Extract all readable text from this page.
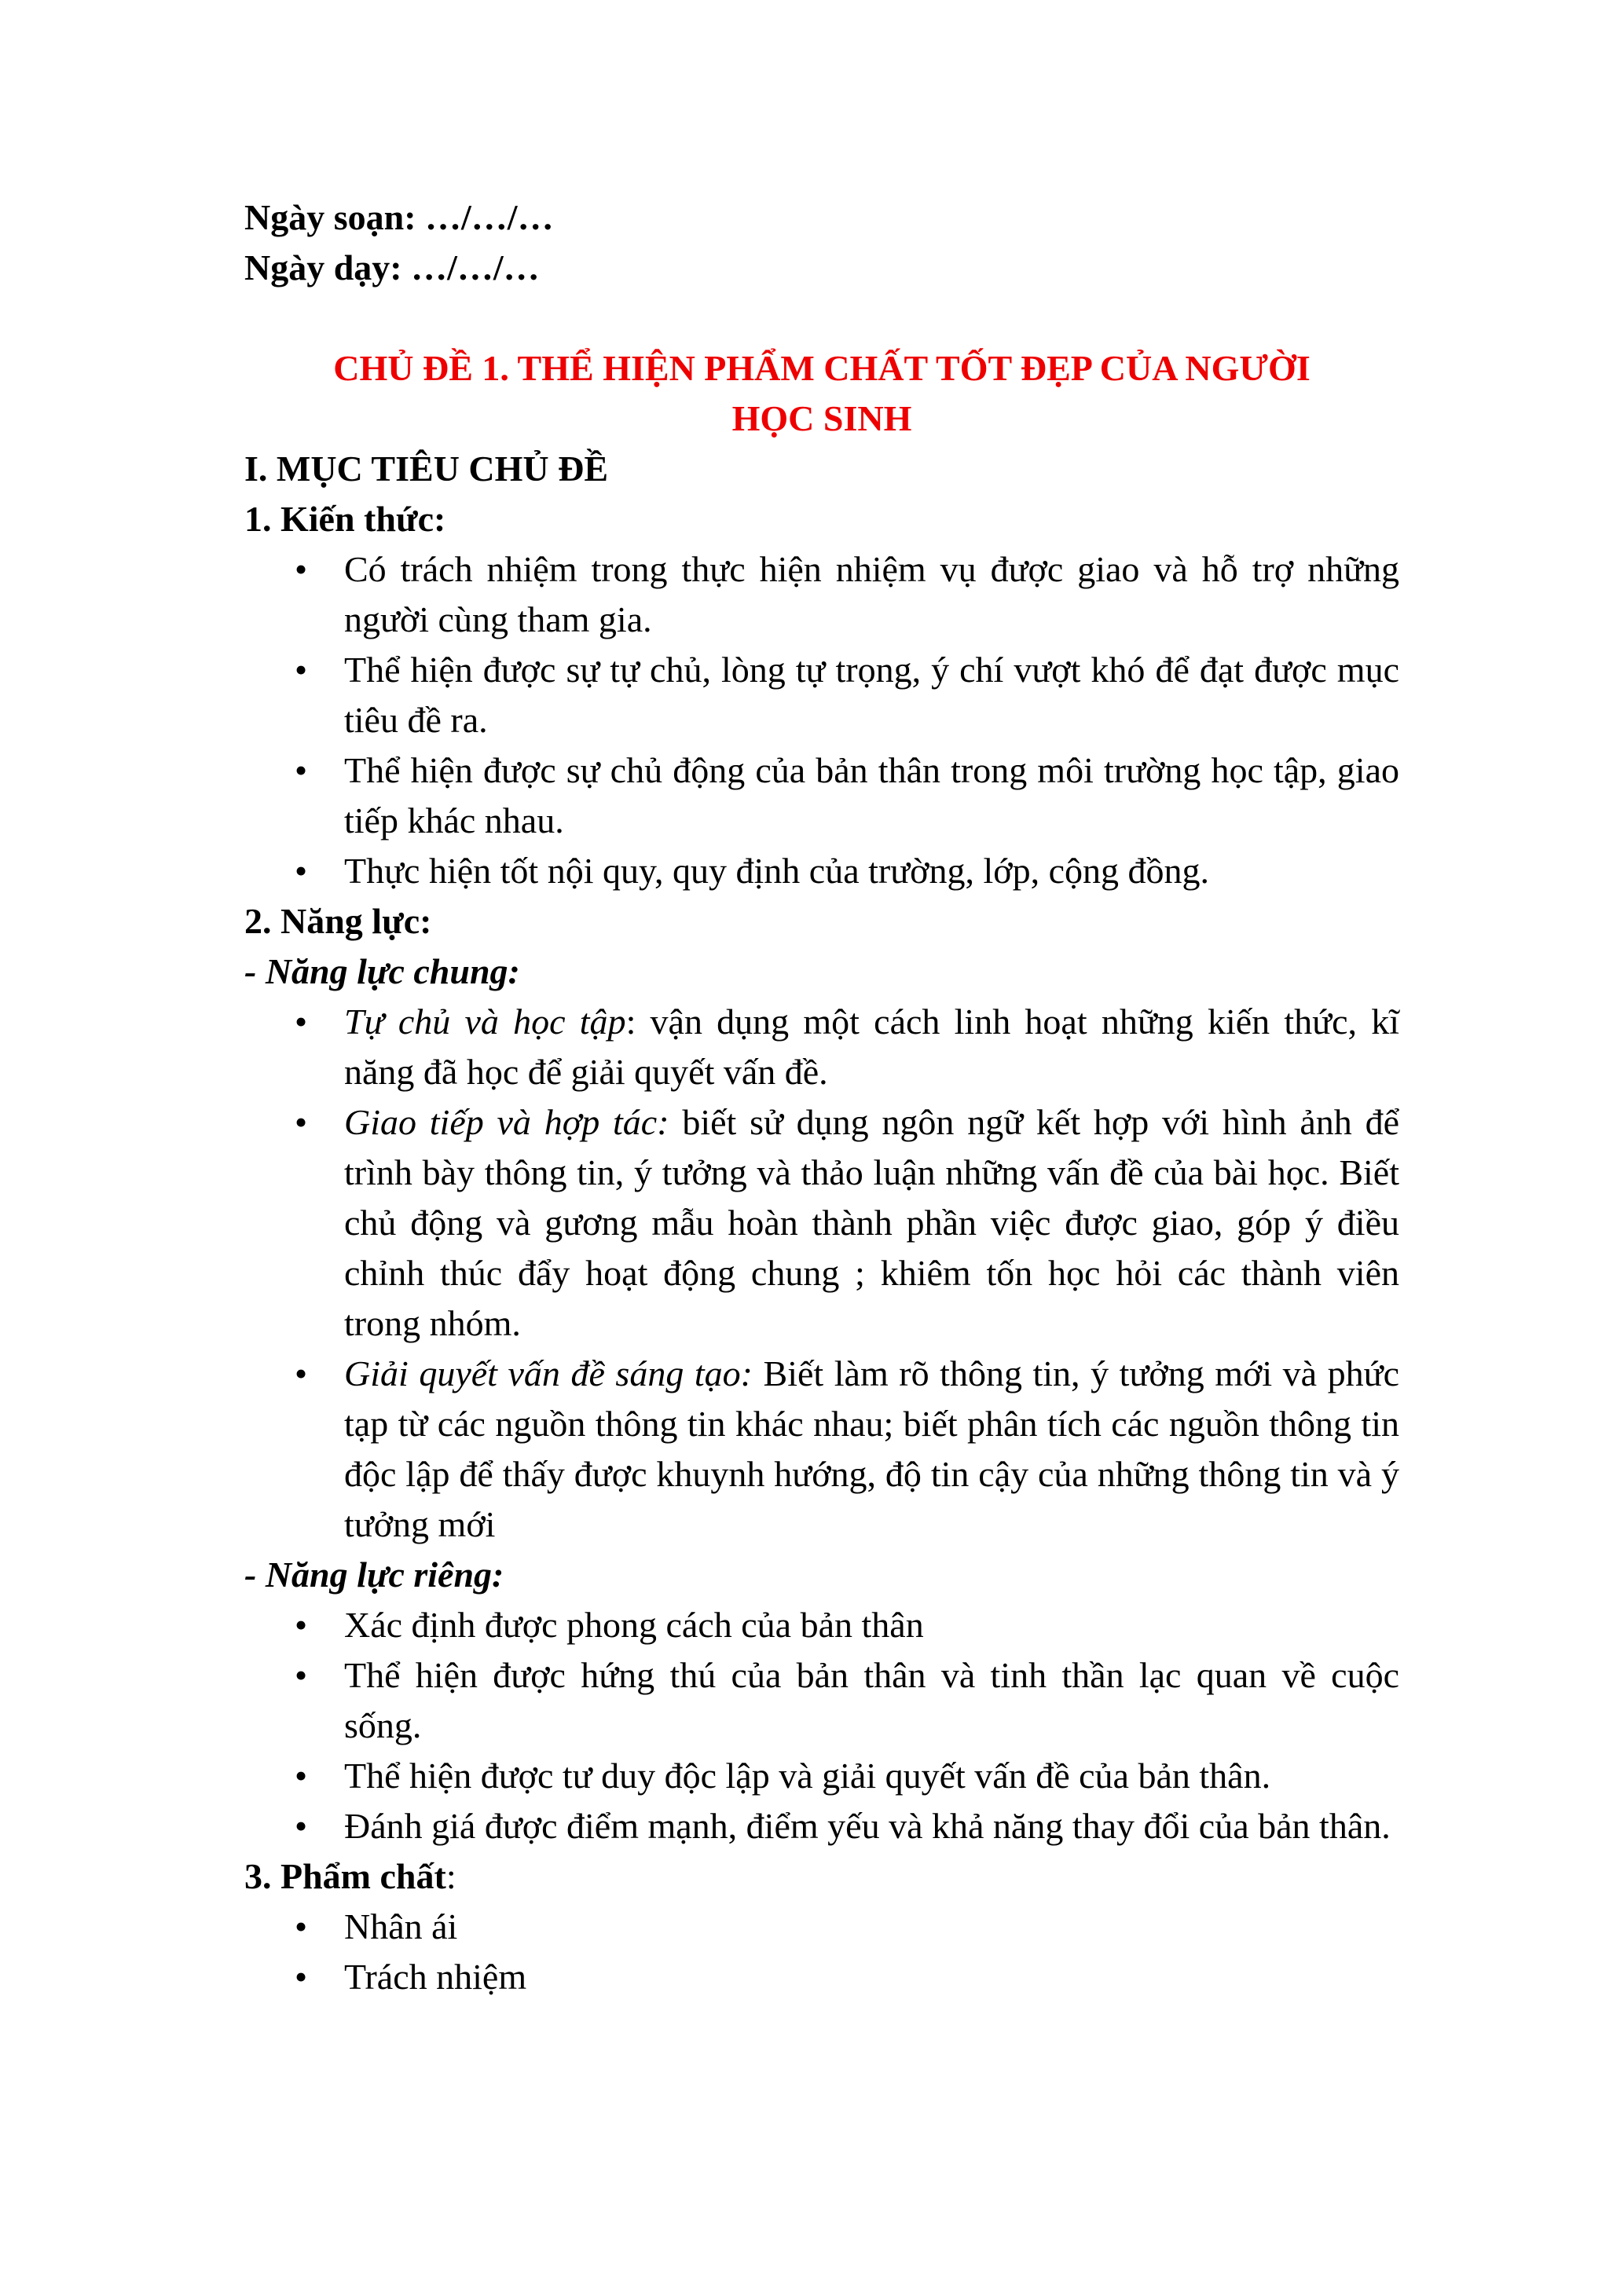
Ngày soạn: …/…/…
Ngày dạy: …/…/…
CHỦ ĐỀ 1. THỂ HIỆN PHẨM CHẤT TỐT ĐẸP CỦA NGƯỜI
HỌC SINH
I. MỤC TIÊU CHỦ ĐỀ
1. Kiến thức:
•	Có trách nhiệm trong thực hiện nhiệm vụ được giao và hỗ trợ những người cùng tham gia.
•	Thể hiện được sự tự chủ, lòng tự trọng, ý chí vượt khó để đạt được mục tiêu đề ra.
•	Thể hiện được sự chủ động của bản thân trong môi trường học tập, giao tiếp khác nhau.
•	Thực hiện tốt nội quy, quy định của trường, lớp, cộng đồng.
2. Năng lực:
- Năng lực chung:
•	Tự chủ và học tập: vận dụng một cách linh hoạt những kiến thức, kĩ năng đã học để giải quyết vấn đề.
•	Giao tiếp và hợp tác: biết sử dụng ngôn ngữ kết hợp với hình ảnh để trình bày thông tin, ý tưởng và thảo luận những vấn đề của bài học. Biết chủ động và gương mẫu hoàn thành phần việc được giao, góp ý điều chỉnh thúc đẩy hoạt động chung ; khiêm tốn học hỏi các thành viên trong nhóm.
•	Giải quyết vấn đề sáng tạo: Biết làm rõ thông tin, ý tưởng mới và phức tạp từ các nguồn thông tin khác nhau; biết phân tích các nguồn thông tin độc lập để thấy được khuynh hướng, độ tin cậy của những thông tin và ý tưởng mới
- Năng lực riêng:
•	Xác định được phong cách của bản thân
•	Thể hiện được hứng thú của bản thân và tinh thần lạc quan về cuộc sống.
•	Thể hiện được tư duy độc lập và giải quyết vấn đề của bản thân.
•	Đánh giá được điểm mạnh, điểm yếu và khả năng thay đổi của bản thân.
3. Phẩm chất:
•	Nhân ái
•	Trách nhiệm
